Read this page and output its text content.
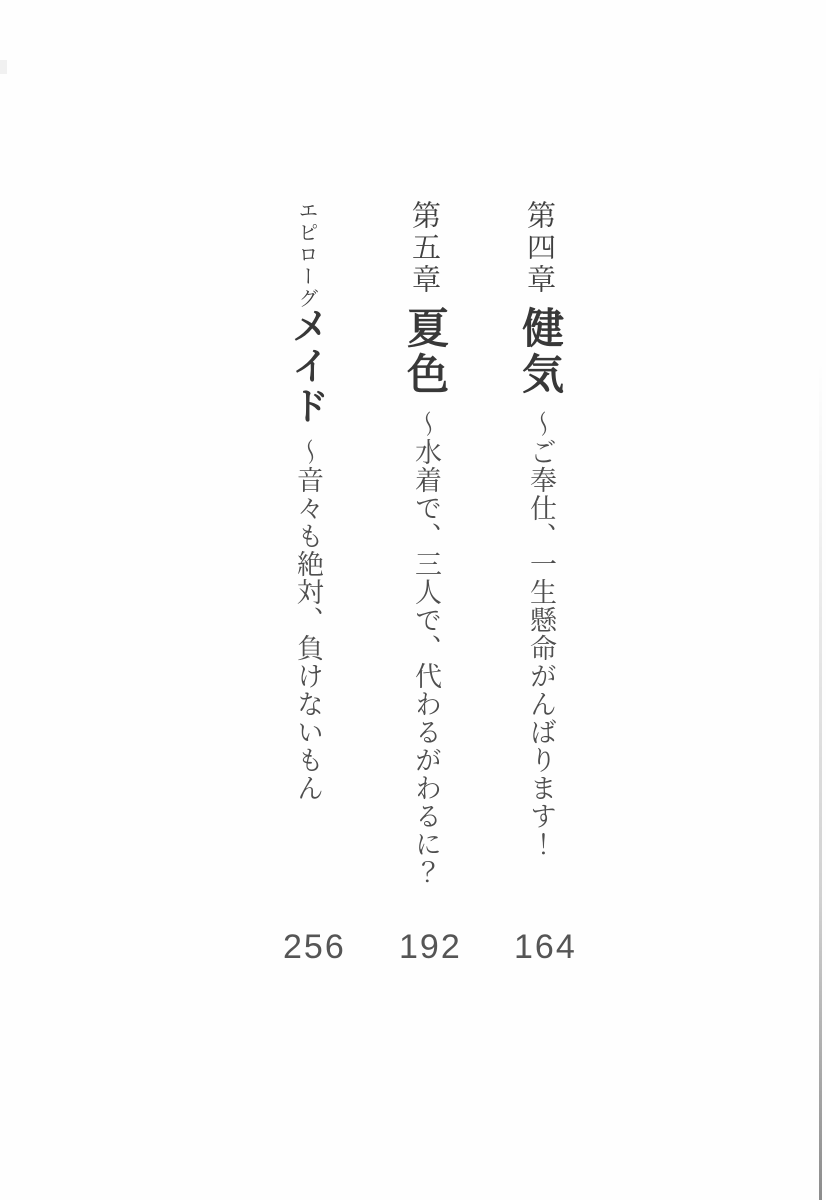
第四章健気～ご奉仕、一生懸命がんばります！
第五章夏色～水着で、三人で、代わるがわるに？
エピローグメイド～音々も絶対、負けないもん
164
192
256
